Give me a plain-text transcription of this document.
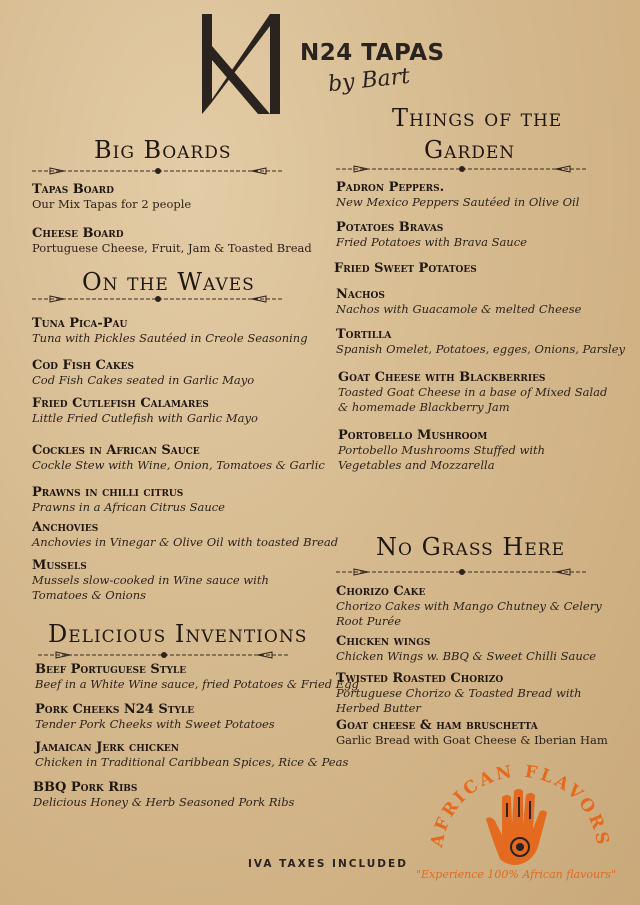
N24 TAPAS
by Bart
Big Boards
Tapas Board
Our Mix Tapas for 2 people
Cheese Board
Portuguese Cheese, Fruit, Jam & Toasted Bread
On the Waves
Tuna Pica-Pau
Tuna with Pickles Sautéed in Creole Seasoning
Cod Fish Cakes
Cod Fish Cakes seated in Garlic Mayo
Fried Cutlefish Calamares
Little Fried Cutlefish with Garlic Mayo
Cockles in African Sauce
Cockle Stew with Wine, Onion, Tomatoes & Garlic
Prawns in chilli citrus
Prawns in a African Citrus Sauce
Anchovies
Anchovies in Vinegar & Olive Oil with toasted Bread
Mussels
Mussels slow-cooked in Wine sauce with Tomatoes & Onions
Delicious Inventions
Beef Portuguese Style
Beef in a White Wine sauce, fried Potatoes & Fried Egg
Pork Cheeks N24 Style
Tender Pork Cheeks with Sweet Potatoes
Jamaican Jerk chicken
Chicken in Traditional Caribbean Spices, Rice & Peas
BBQ Pork Ribs
Delicious Honey & Herb Seasoned Pork Ribs
Things of the
Garden
Padron Peppers.
New Mexico Peppers Sautéed in Olive Oil
Potatoes Bravas
Fried Potatoes with Brava Sauce
Fried Sweet Potatoes
Nachos
Nachos with Guacamole & melted Cheese
Tortilla
Spanish Omelet, Potatoes, egges, Onions, Parsley
Goat Cheese with Blackberries
Toasted Goat Cheese in a base of Mixed Salad & homemade Blackberry Jam
Portobello Mushroom
Portobello Mushrooms Stuffed with Vegetables and Mozzarella
No Grass Here
Chorizo Cake
Chorizo Cakes with Mango Chutney & Celery Root Purée
Chicken wings
Chicken Wings w. BBQ & Sweet Chilli Sauce
Twisted Roasted Chorizo
Portuguese Chorizo & Toasted Bread with Herbed Butter
Goat cheese & ham bruschetta
Garlic Bread with Goat Cheese & Iberian Ham
IVA TAXES INCLUDED
AFRICAN FLAVORS
"Experience 100% African flavours"
